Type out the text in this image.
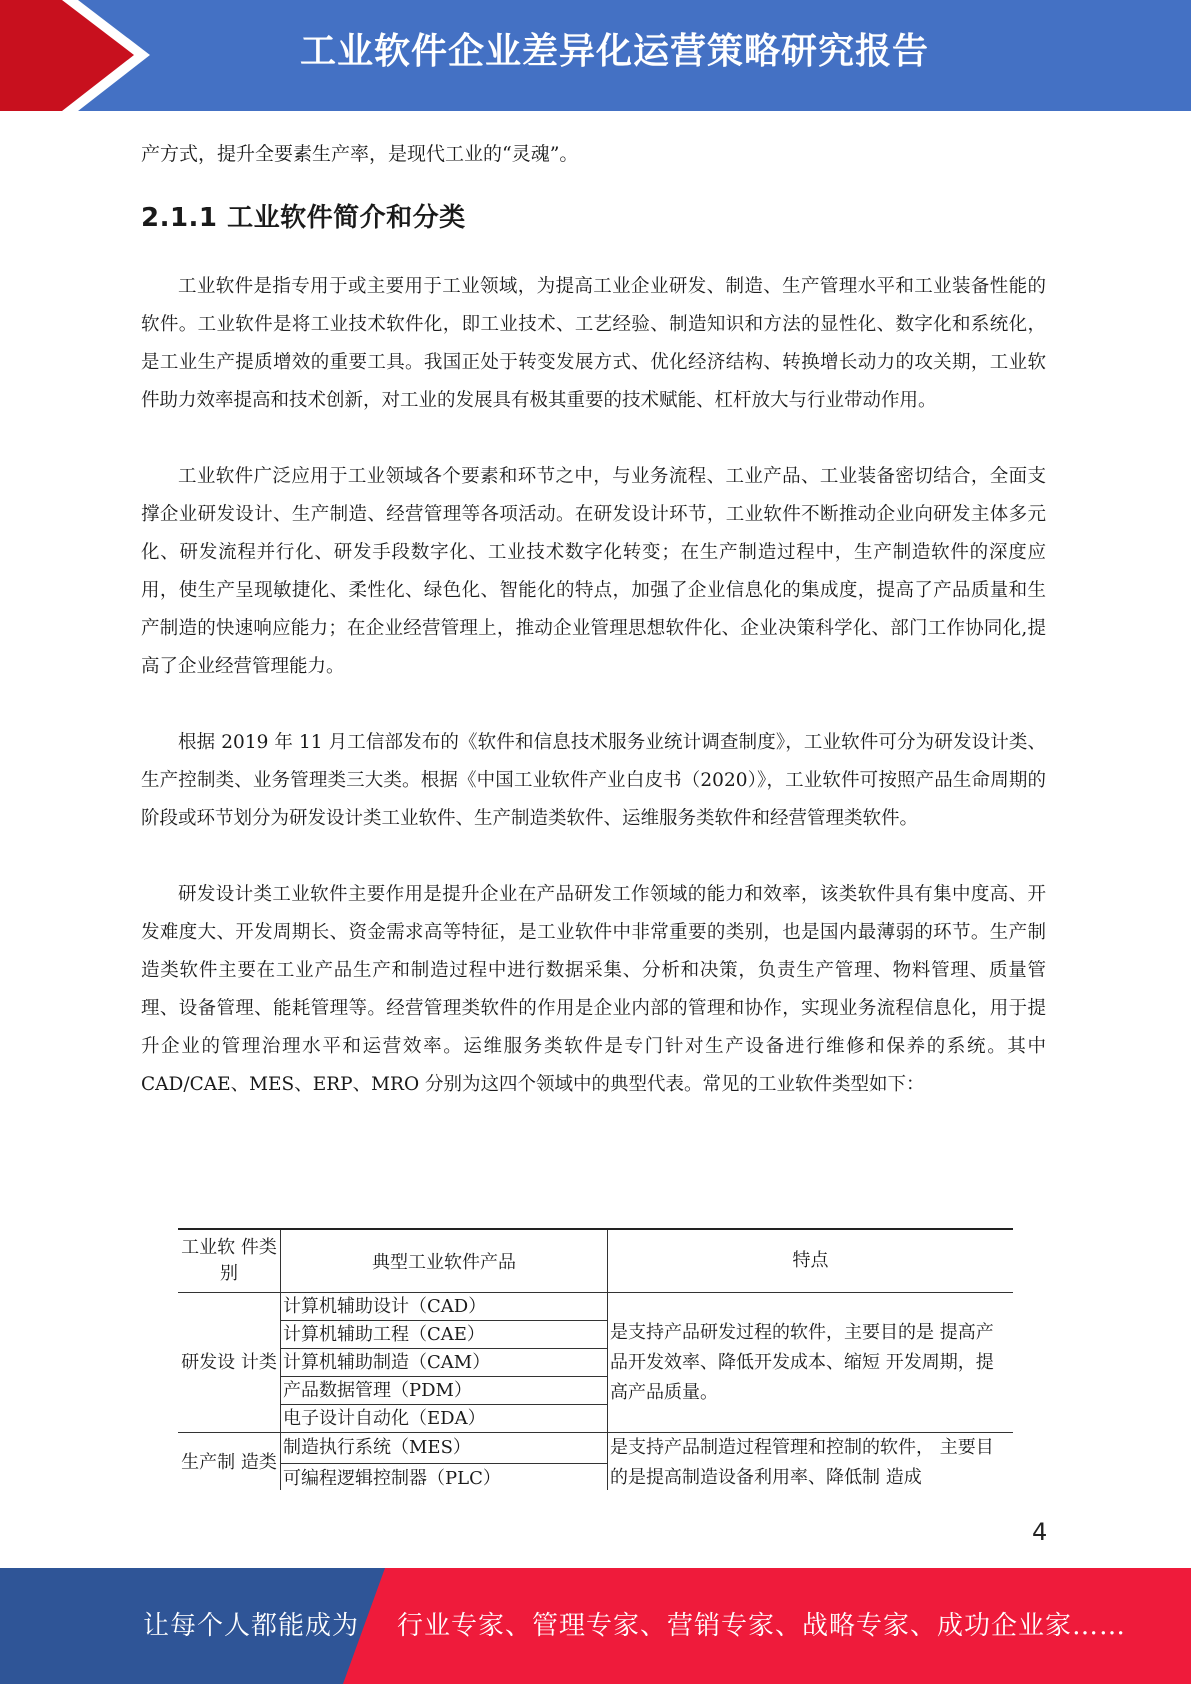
工业软件企业差异化运营策略研究报告

产方式，提升全要素生产率，是现代工业的“灵魂”。

2.1.1 工业软件简介和分类

工业软件是指专用于或主要用于工业领域，为提高工业企业研发、制造、生产管理水平和工业装备性能的软件。工业软件是将工业技术软件化，即工业技术、工艺经验、制造知识和方法的显性化、数字化和系统化，是工业生产提质增效的重要工具。我国正处于转变发展方式、优化经济结构、转换增长动力的攻关期，工业软件助力效率提高和技术创新，对工业的发展具有极其重要的技术赋能、杠杆放大与行业带动作用。

工业软件广泛应用于工业领域各个要素和环节之中，与业务流程、工业产品、工业装备密切结合，全面支撑企业研发设计、生产制造、经营管理等各项活动。在研发设计环节，工业软件不断推动企业向研发主体多元化、研发流程并行化、研发手段数字化、工业技术数字化转变；在生产制造过程中，生产制造软件的深度应用，使生产呈现敏捷化、柔性化、绿色化、智能化的特点，加强了企业信息化的集成度，提高了产品质量和生产制造的快速响应能力；在企业经营管理上，推动企业管理思想软件化、企业决策科学化、部门工作协同化,提高了企业经营管理能力。

根据 2019 年 11 月工信部发布的《软件和信息技术服务业统计调查制度》，工业软件可分为研发设计类、生产控制类、业务管理类三大类。根据《中国工业软件产业白皮书（2020）》，工业软件可按照产品生命周期的阶段或环节划分为研发设计类工业软件、生产制造类软件、运维服务类软件和经营管理类软件。

研发设计类工业软件主要作用是提升企业在产品研发工作领域的能力和效率，该类软件具有集中度高、开发难度大、开发周期长、资金需求高等特征，是工业软件中非常重要的类别，也是国内最薄弱的环节。生产制造类软件主要在工业产品生产和制造过程中进行数据采集、分析和决策，负责生产管理、物料管理、质量管理、设备管理、能耗管理等。经营管理类软件的作用是企业内部的管理和协作，实现业务流程信息化，用于提升企业的管理治理水平和运营效率。运维服务类软件是专门针对生产设备进行维修和保养的系统。其中 CAD/CAE、MES、ERP、MRO 分别为这四个领域中的典型代表。常见的工业软件类型如下：

工业软 件类别	典型工业软件产品	特点
研发设 计类	计算机辅助设计（CAD）	是支持产品研发过程的软件，主要目的是 提高产品开发效率、降低开发成本、缩短 开发周期，提高产品质量。
	计算机辅助工程（CAE）	
	计算机辅助制造（CAM）	
	产品数据管理（PDM）	
	电子设计自动化（EDA）	
生产制 造类	制造执行系统（MES）	是支持产品制造过程管理和控制的软件， 主要目的是提高制造设备利用率、降低制 造成
	可编程逻辑控制器（PLC）	
4
让每个人都能成为 行业专家、管理专家、营销专家、战略专家、成功企业家……
